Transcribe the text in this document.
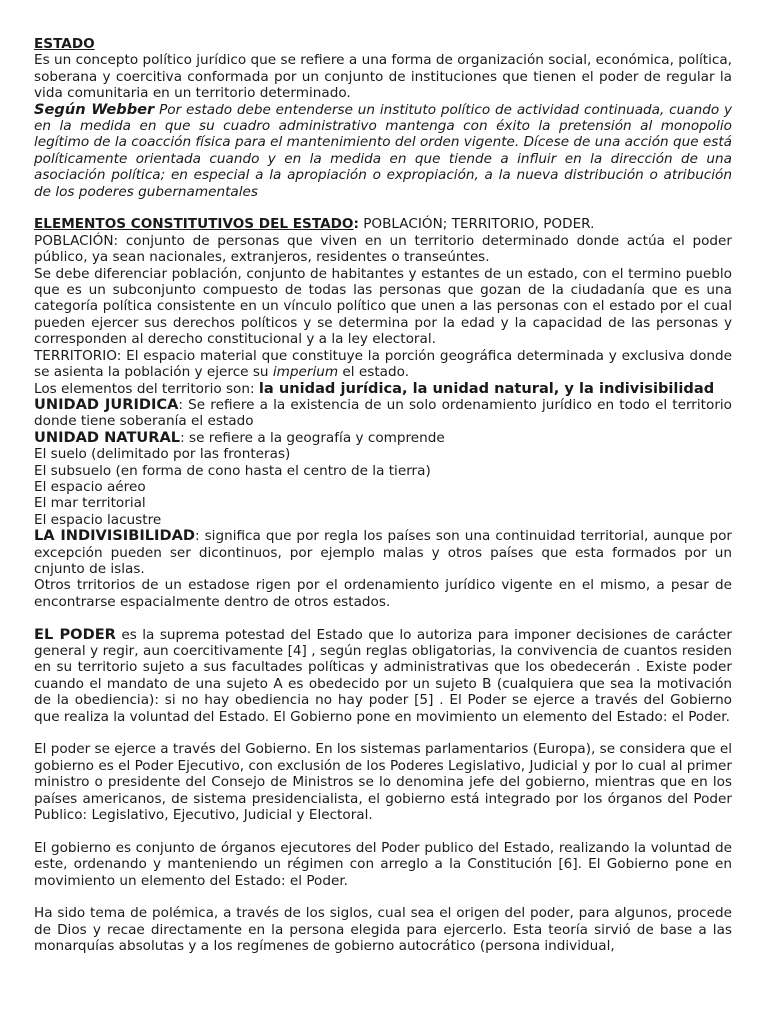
ESTADO

Es un concepto político jurídico que se refiere a una forma de organización social, económica, política, soberana y coercitiva conformada por un conjunto de instituciones que tienen el poder de regular la vida comunitaria en un territorio determinado.

Según Webber Por estado debe entenderse un instituto político de actividad continuada, cuando y en la medida en que su cuadro administrativo mantenga con éxito la pretensión al monopolio legítimo de la coacción física para el mantenimiento del orden vigente. Dícese de una acción que está políticamente orientada cuando y en la medida en que tiende a influir en la dirección de una asociación política; en especial a la apropiación o expropiación, a la nueva distribución o atribución de los poderes gubernamentales

ELEMENTOS CONSTITUTIVOS DEL ESTADO: POBLACIÓN; TERRITORIO, PODER.

POBLACIÓN: conjunto de personas que viven en un territorio determinado donde actúa el poder público, ya sean nacionales, extranjeros, residentes o transeúntes.

Se debe diferenciar población, conjunto de habitantes y estantes de un estado, con el termino pueblo que es un subconjunto compuesto de todas las personas que gozan de la ciudadanía que es una categoría política consistente en un vínculo político que unen a las personas con el estado por el cual pueden ejercer sus derechos políticos y se determina por la edad y la capacidad de las personas y corresponden al derecho constitucional y a la ley electoral.

TERRITORIO: El espacio material que constituye la porción geográfica determinada y exclusiva donde se asienta la población y ejerce su imperium el estado.

Los elementos del territorio son: la unidad jurídica, la unidad natural, y la indivisibilidad

UNIDAD JURIDICA: Se refiere a la existencia de un solo ordenamiento jurídico en todo el territorio donde tiene soberanía el estado

UNIDAD NATURAL: se refiere a la geografía y comprende

El suelo (delimitado por las fronteras)

El subsuelo (en forma de cono hasta el centro de la tierra)

El espacio aéreo

El mar territorial

El espacio lacustre

LA INDIVISIBILIDAD: significa que por regla los países son una continuidad territorial, aunque por excepción pueden ser dicontinuos, por ejemplo malas y otros países que esta formados por un cnjunto de islas.

Otros trritorios de un estadose rigen por el ordenamiento jurídico vigente en el mismo, a pesar de encontrarse espacialmente dentro de otros estados.

EL PODER es la suprema potestad del Estado que lo autoriza para imponer decisiones de carácter general y regir, aun coercitivamente [4] , según reglas obligatorias, la convivencia de cuantos residen en su territorio sujeto a sus facultades políticas y administrativas que los obedecerán . Existe poder cuando el mandato de una sujeto A es obedecido por un sujeto B (cualquiera que sea la motivación de la obediencia): si no hay obediencia no hay poder [5] . El Poder se ejerce a través del Gobierno que realiza la voluntad del Estado. El Gobierno pone en movimiento un elemento del Estado: el Poder.

El poder se ejerce a través del Gobierno. En los sistemas parlamentarios (Europa), se considera que el gobierno es el Poder Ejecutivo, con exclusión de los Poderes Legislativo, Judicial y por lo cual al primer ministro o presidente del Consejo de Ministros se lo denomina jefe del gobierno, mientras que en los países americanos, de sistema presidencialista, el gobierno está integrado por los órganos del Poder Publico: Legislativo, Ejecutivo, Judicial y Electoral.

El gobierno es conjunto de órganos ejecutores del Poder publico del Estado, realizando la voluntad de este, ordenando y manteniendo un régimen con arreglo a la Constitución [6]. El Gobierno pone en movimiento un elemento del Estado: el Poder.

Ha sido tema de polémica, a través de los siglos, cual sea el origen del poder, para algunos, procede de Dios y recae directamente en la persona elegida para ejercerlo. Esta teoría sirvió de base a las monarquías absolutas y a los regímenes de gobierno autocrático (persona individual,
